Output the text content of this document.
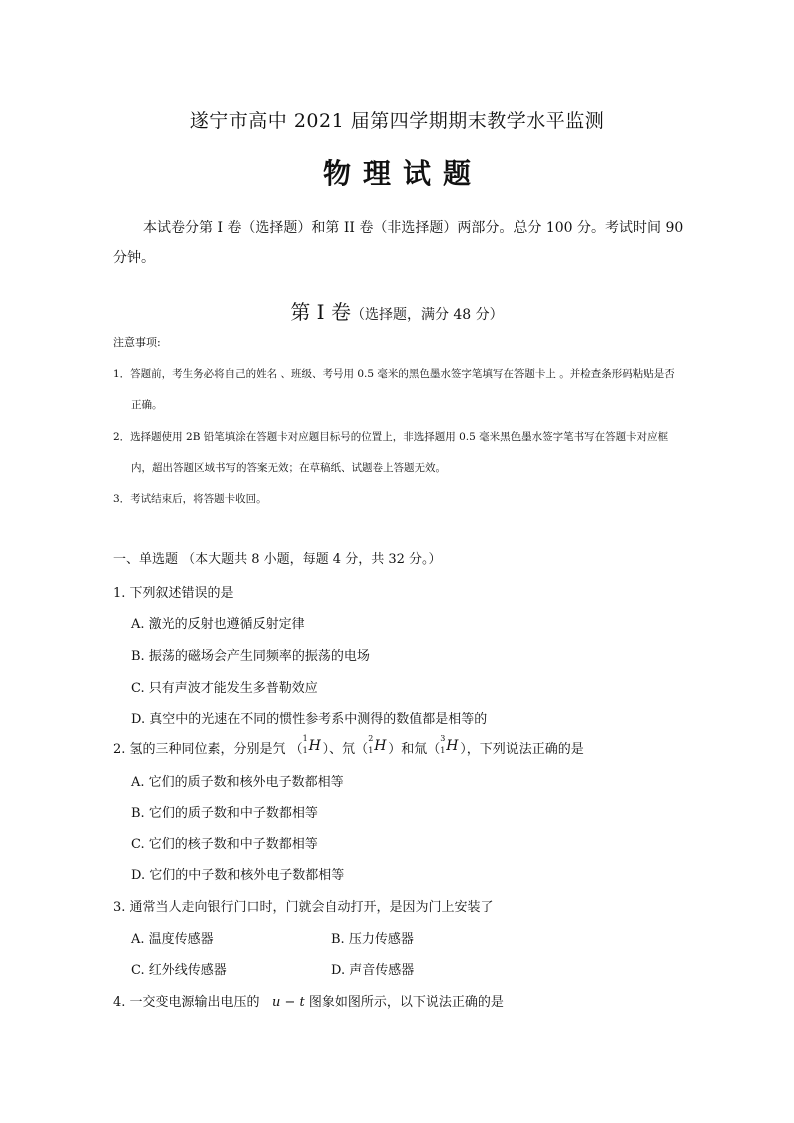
遂宁市高中 2021 届第四学期期末教学水平监测
物理试题
本试卷分第 I 卷（选择题）和第 II 卷（非选择题）两部分。总分 100 分。考试时间 90
分钟。
第 Ⅰ 卷（选择题，满分 48 分）
注意事项:
1．答题前，考生务必将自己的姓名 、班级、考号用 0.5 毫米的黑色墨水签字笔填写在答题卡上 。并检查条形码粘贴是否
正确。
2．选择题使用 2B 铅笔填涂在答题卡对应题目标号的位置上，非选择题用 0.5 毫米黑色墨水签字笔书写在答题卡对应框
内，超出答题区域书写的答案无效；在草稿纸、试题卷上答题无效。
3．考试结束后，将答题卡收回。
一、单选题 （本大题共 8 小题，每题 4 分，共 32 分。）
1. 下列叙述错误的是
A. 激光的反射也遵循反射定律
B. 振荡的磁场会产生同频率的振荡的电场
C. 只有声波才能发生多普勒效应
D. 真空中的光速在不同的惯性参考系中测得的数值都是相等的
2. 氢的三种同位素，分别是氕 （
1
1 H ）、氘（
2
1 H ）和氚（
3
1 H ），下列说法正确的是
A. 它们的质子数和核外电子数都相等
B. 它们的质子数和中子数都相等
C. 它们的核子数和中子数都相等
D. 它们的中子数和核外电子数都相等
3. 通常当人走向银行门口时，门就会自动打开，是因为门上安装了
A. 温度传感器	B. 压力传感器
C. 红外线传感器	D. 声音传感器
4. 一交变电源输出电压的 u − t 图象如图所示，以下说法正确的是
